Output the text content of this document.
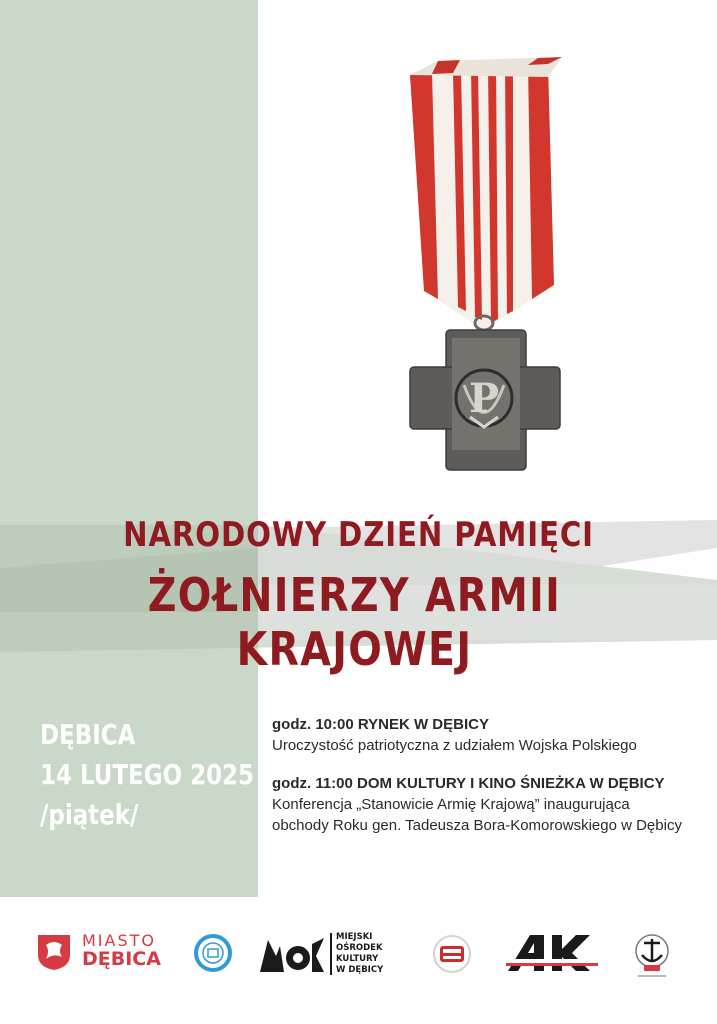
P
NARODOWY DZIEŃ PAMIĘCI
ŻOŁNIERZY ARMII KRAJOWEJ
DĘBICA
14 LUTEGO 2025
/piątek/
godz. 10:00 RYNEK W DĘBICY
Uroczystość patriotyczna z udziałem Wojska Polskiego
godz. 11:00 DOM KULTURY I KINO ŚNIEŻKA W DĘBICY
Konferencja „Stanowicie Armię Krajową” inaugurująca
obchody Roku gen. Tadeusza Bora-Komorowskiego w Dębicy
MIASTO
DĘBICA
MIEJSKI
OŚRODEK
KULTURY
W DĘBICY
